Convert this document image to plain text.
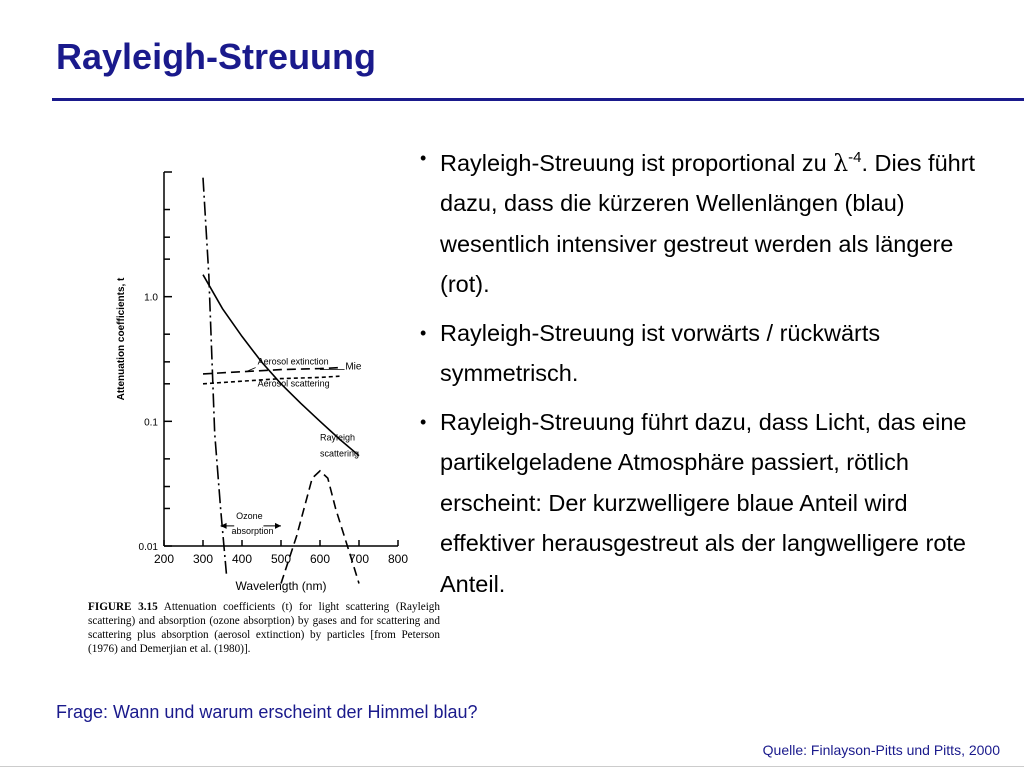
Rayleigh-Streuung
• Rayleigh-Streuung ist proportional zu $\lambda^{-4}$. Dies führt dazu, dass die kürzeren Wellenlängen (blau) wesentlich intensiver gestreut werden als längere (rot).
• Rayleigh-Streuung ist vorwärts / rückwärts symmetrisch.
• Rayleigh-Streuung führt dazu, dass Licht, das eine partikelgeladene Atmosphäre passiert, rötlich erscheint: Der kurzwelligere blaue Anteil wird effektiver herausgestreut als der langwelligere rote Anteil.
1.0
0.1
0.01
200 300 400 500 600 700 800
Wavelength (nm)
Attenuation coefficients, t	Aerosol extinction
Aerosol scattering
Mie
Rayleigh
scattering
Ozone
absorption
FIGURE 3.15 Attenuation coefficients (t) for light scattering (Rayleigh scattering) and absorption (ozone absorption) by gases and for scattering and scattering plus absorption (aerosol extinction) by particles [from Peterson (1976) and Demerjian et al. (1980)].
Frage: Wann und warum erscheint der Himmel blau?
Quelle: Finlayson-Pitts und Pitts, 2000
